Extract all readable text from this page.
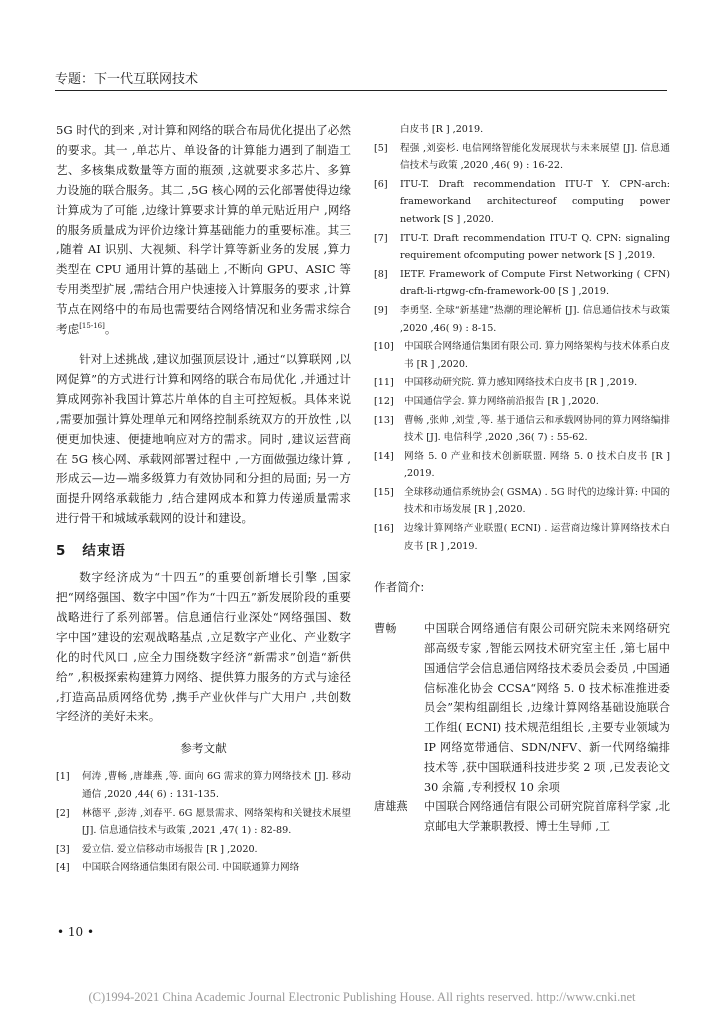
专题：下一代互联网技术

5G 时代的到来 ,对计算和网络的联合布局优化提出了必然的要求。其一 ,单芯片、单设备的计算能力遇到了制造工艺、多核集成数量等方面的瓶颈 ,这就要求多芯片、多算力设施的联合服务。其二 ,5G 核心网的云化部署使得边缘计算成为了可能 ,边缘计算要求计算的单元贴近用户 ,网络的服务质量成为评价边缘计算基础能力的重要标准。其三 ,随着 AI 识别、大视频、科学计算等新业务的发展 ,算力类型在 CPU 通用计算的基础上 ,不断向 GPU、ASIC 等专用类型扩展 ,需结合用户快速接入计算服务的要求 ,计算节点在网络中的布局也需要结合网络情况和业务需求综合考虑[15-16]。

针对上述挑战 ,建议加强顶层设计 ,通过“以算联网 ,以网促算”的方式进行计算和网络的联合布局优化 ,并通过计算成网弥补我国计算芯片单体的自主可控短板。具体来说 ,需要加强计算处理单元和网络控制系统双方的开放性 ,以便更加快速、便捷地响应对方的需求。同时 ,建议运营商在 5G 核心网、承载网部署过程中 ,一方面做强边缘计算 ,形成云—边—端多级算力有效协同和分担的局面; 另一方面提升网络承载能力 ,结合建网成本和算力传递质量需求进行骨干和城域承载网的设计和建设。

5 结束语

数字经济成为“十四五”的重要创新增长引擎 ,国家把“网络强国、数字中国”作为“十四五”新发展阶段的重要战略进行了系列部署。信息通信行业深处“网络强国、数字中国”建设的宏观战略基点 ,立足数字产业化、产业数字化的时代风口 ,应全力围绕数字经济“新需求”创造“新供给” ,积极探索构建算力网络、提供算力服务的方式与途径 ,打造高品质网络优势 ,携手产业伙伴与广大用户 ,共创数字经济的美好未来。

参考文献
[1]	何涛 ,曹畅 ,唐雄燕 ,等. 面向 6G 需求的算力网络技术 [J]. 移动通信 ,2020 ,44( 6) : 131-135.
[2]	林德平 ,彭涛 ,刘春平. 6G 愿景需求、网络架构和关键技术展望 [J]. 信息通信技术与政策 ,2021 ,47( 1) : 82-89.
[3]	爱立信. 爱立信移动市场报告 [R ] ,2020.
[4]	中国联合网络通信集团有限公司. 中国联通算力网络
白皮书 [R ] ,2019.
[5]	程强 ,刘姿杉. 电信网络智能化发展现状与未来展望 [J]. 信息通信技术与政策 ,2020 ,46( 9) : 16-22.
[6]	ITU-T. Draft recommendation ITU-T Y. CPN-arch: frameworkand architectureof computing power network [S ] ,2020.
[7]	ITU-T. Draft recommendation ITU-T Q. CPN: signaling requirement ofcomputing power network [S ] ,2019.
[8]	IETF. Framework of Compute First Networking ( CFN) draft-li-rtgwg-cfn-framework-00 [S ] ,2019.
[9]	李勇坚. 全球“新基建”热潮的理论解析 [J]. 信息通信技术与政策 ,2020 ,46( 9) : 8-15.
[10]	中国联合网络通信集团有限公司. 算力网络架构与技术体系白皮书 [R ] ,2020.
[11]	中国移动研究院. 算力感知网络技术白皮书 [R ] ,2019.
[12]	中国通信学会. 算力网络前沿报告 [R ] ,2020.
[13]	曹畅 ,张帅 ,刘莹 ,等. 基于通信云和承载网协同的算力网络编排技术 [J]. 电信科学 ,2020 ,36( 7) : 55-62.
[14]	网络 5. 0 产业和技术创新联盟. 网络 5. 0 技术白皮书 [R ] ,2019.
[15]	全球移动通信系统协会( GSMA) . 5G 时代的边缘计算: 中国的技术和市场发展 [R ] ,2020.
[16]	边缘计算网络产业联盟( ECNI) . 运营商边缘计算网络技术白皮书 [R ] ,2019.
作者简介:
曹畅	中国联合网络通信有限公司研究院未来网络研究部高级专家 ,智能云网技术研究室主任 ,第七届中国通信学会信息通信网络技术委员会委员 ,中国通信标准化协会 CCSA“网络 5. 0 技术标准推进委员会”架构组副组长 ,边缘计算网络基础设施联合工作组( ECNI) 技术规范组组长 ,主要专业领域为 IP 网络宽带通信、SDN/NFV、新一代网络编排技术等 ,获中国联通科技进步奖 2 项 ,已发表论文 30 余篇 ,专利授权 10 余项
唐雄燕	中国联合网络通信有限公司研究院首席科学家 ,北京邮电大学兼职教授、博士生导师 ,工
• 10 •
(C)1994-2021 China Academic Journal Electronic Publishing House. All rights reserved. http://www.cnki.net
